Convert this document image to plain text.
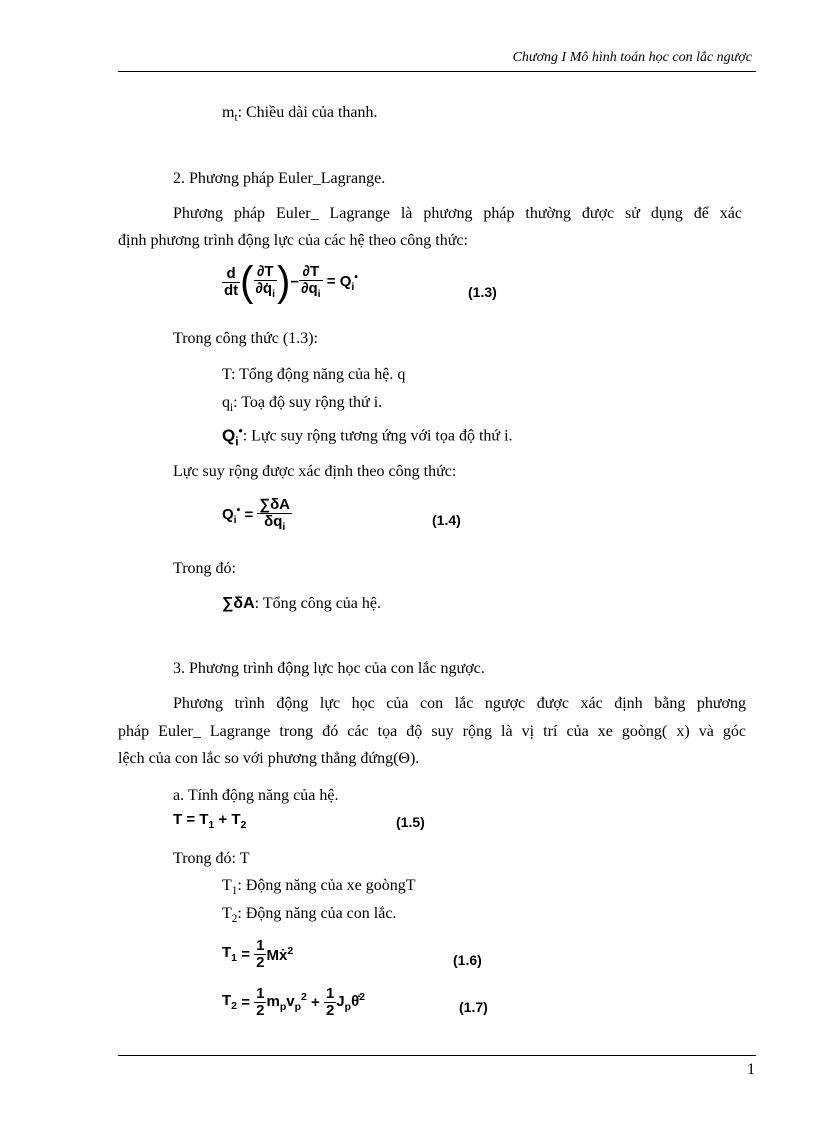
Chương I Mô hình toán học con lắc ngược
$m_t$: Chiều dài của thanh.
2. Phương pháp Euler_Lagrange.
Phương pháp Euler_ Lagrange là phương pháp thường được sử dụng để xác
định phương trình động lực của các hệ theo công thức:
$\frac{d}{dt}$ ( $\frac{\partial T}{\partial q̇_i}$ )− $\frac{\partial T}{\partial q_i} = Q_i^•$
(1.3)
Trong công thức (1.3):
T: Tổng động năng của hệ. q
$q_i$: Toạ độ suy rộng thứ i.
$Q_i^•$: Lực suy rộng tương ứng với tọa độ thứ i.
Lực suy rộng được xác định theo công thức:
$Q_i^• = \frac{\sum\delta A}{\delta q_i}$	(1.4)
Trong đó:
∑δA: Tổng công của hệ.
3. Phương trình động lực học của con lắc ngược.
Phương trình động lực học của con lắc ngược được xác định bằng phương
pháp Euler_ Lagrange trong đó các tọa độ suy rộng là vị trí của xe goòng( x) và góc
lệch của con lắc so với phương thẳng đứng(Θ).
a. Tính động năng của hệ.
$T = T_1 + T_2$	(1.5)
Trong đó: T
$T_1$: Động năng của xe goòngT
$T_2$: Động năng của con lắc.
$T_1 = \frac{1}{2}$ Mẋ$^2$
(1.6)
$T_2 = \frac{1}{2} m_pv_p^2 + \frac{1}{2}$ $J_p\thetȧ^2$
(1.7)
1
